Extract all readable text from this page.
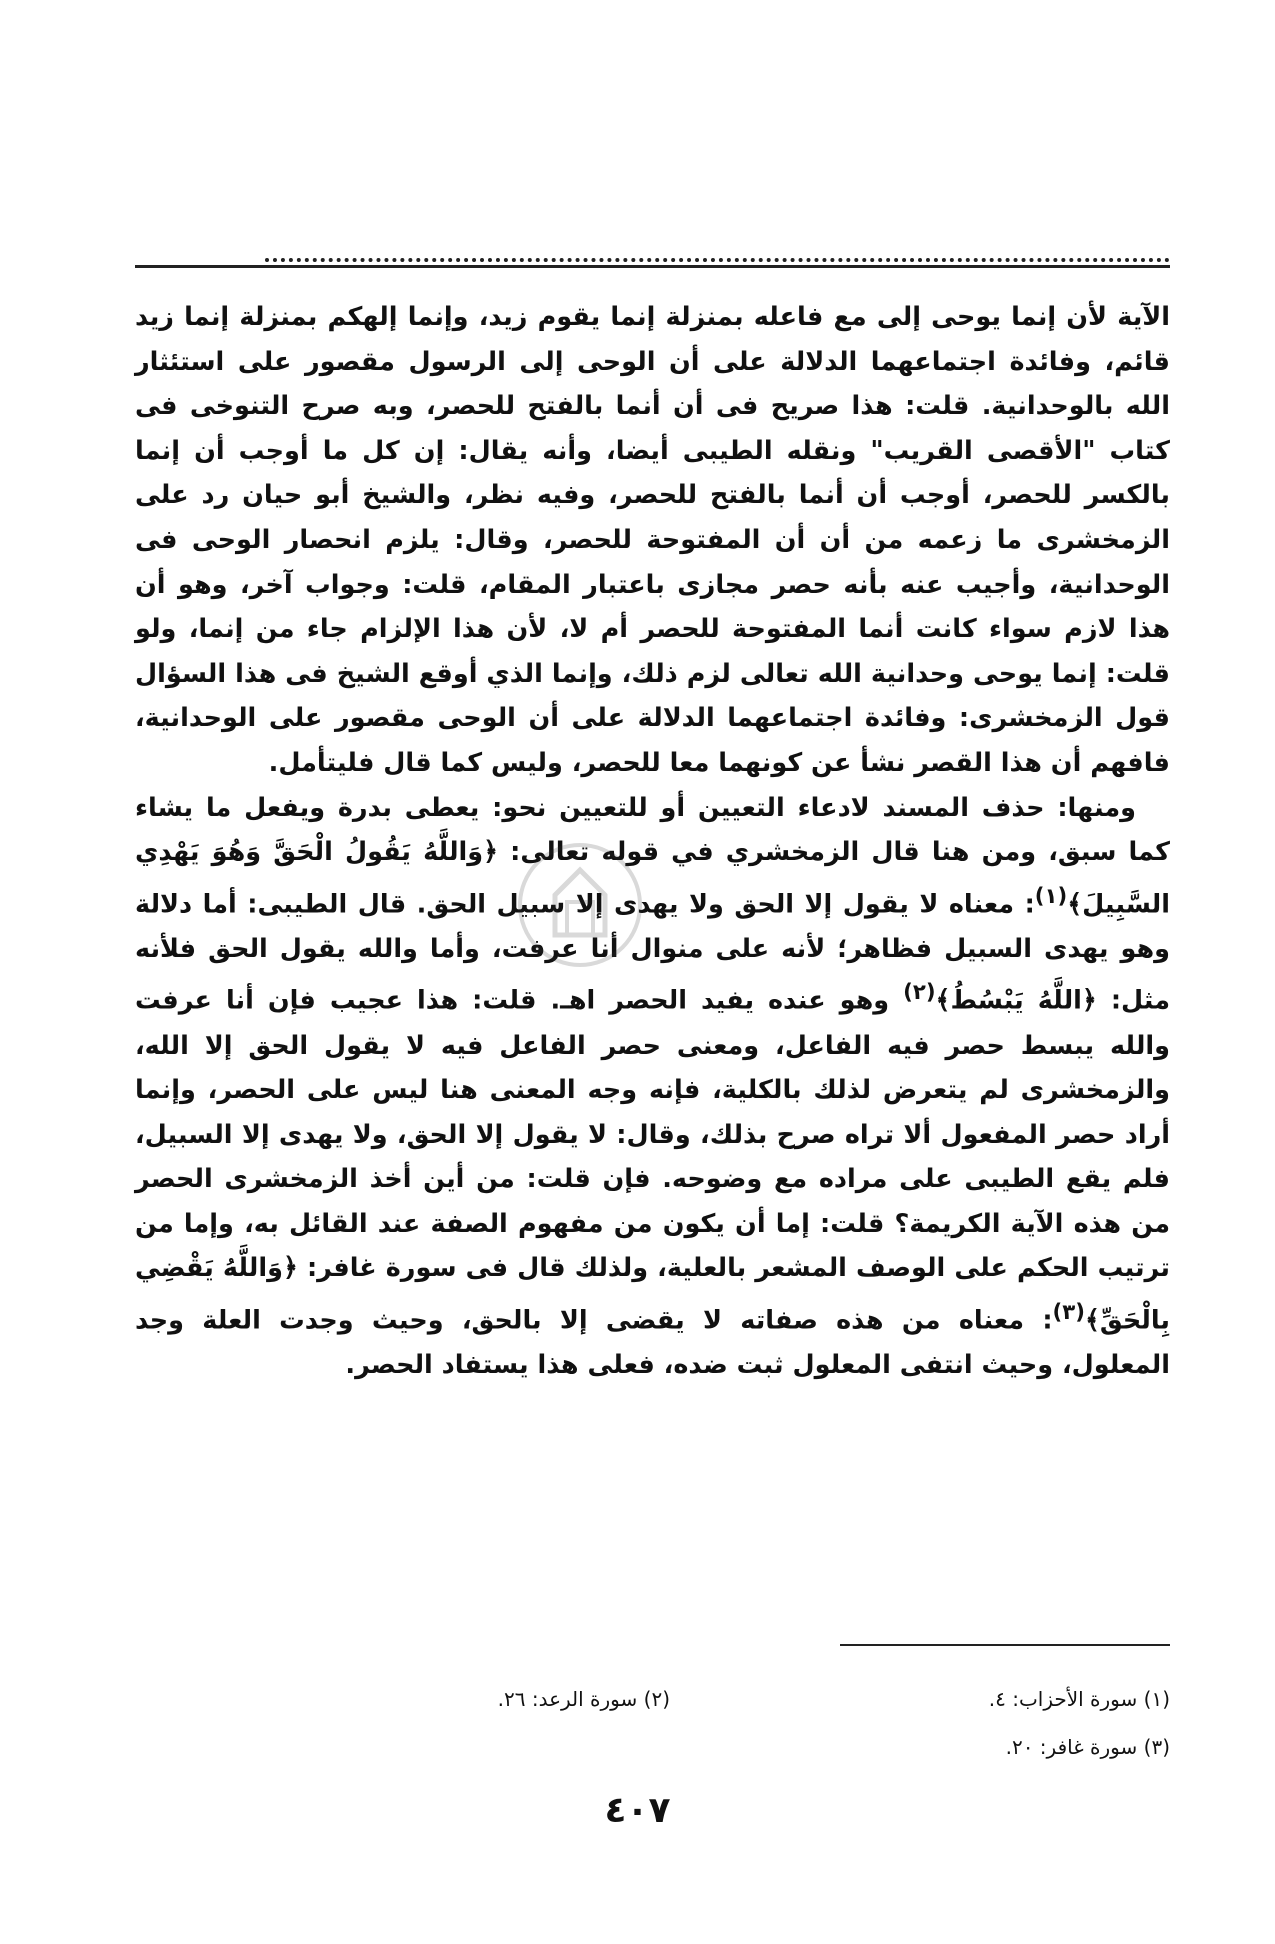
الآية لأن إنما يوحى إلى مع فاعله بمنزلة إنما يقوم زيد، وإنما إلهكم بمنزلة إنما زيد قائم، وفائدة اجتماعهما الدلالة على أن الوحى إلى الرسول مقصور على استئثار الله بالوحدانية. قلت: هذا صريح فى أن أنما بالفتح للحصر، وبه صرح التنوخى فى كتاب "الأقصى القريب" ونقله الطيبى أيضا، وأنه يقال: إن كل ما أوجب أن إنما بالكسر للحصر، أوجب أن أنما بالفتح للحصر، وفيه نظر، والشيخ أبو حيان رد على الزمخشرى ما زعمه من أن أن المفتوحة للحصر، وقال: يلزم انحصار الوحى فى الوحدانية، وأجيب عنه بأنه حصر مجازى باعتبار المقام، قلت: وجواب آخر، وهو أن هذا لازم سواء كانت أنما المفتوحة للحصر أم لا، لأن هذا الإلزام جاء من إنما، ولو قلت: إنما يوحى وحدانية الله تعالى لزم ذلك، وإنما الذي أوقع الشيخ فى هذا السؤال قول الزمخشرى: وفائدة اجتماعهما الدلالة على أن الوحى مقصور على الوحدانية، فافهم أن هذا القصر نشأ عن كونهما معا للحصر، وليس كما قال فليتأمل.

ومنها: حذف المسند لادعاء التعيين أو للتعيين نحو: يعطى بدرة ويفعل ما يشاء كما سبق، ومن هنا قال الزمخشري في قوله تعالى: ﴿وَاللَّهُ يَقُولُ الْحَقَّ وَهُوَ يَهْدِي السَّبِيلَ﴾$^{(١)}$: معناه لا يقول إلا الحق ولا يهدى إلا سبيل الحق. قال الطيبى: أما دلالة وهو يهدى السبيل فظاهر؛ لأنه على منوال أنا عرفت، وأما والله يقول الحق فلأنه مثل: ﴿اللَّهُ يَبْسُطُ﴾$^{(٢)}$ وهو عنده يفيد الحصر اهـ. قلت: هذا عجيب فإن أنا عرفت والله يبسط حصر فيه الفاعل، ومعنى حصر الفاعل فيه لا يقول الحق إلا الله، والزمخشرى لم يتعرض لذلك بالكلية، فإنه وجه المعنى هنا ليس على الحصر، وإنما أراد حصر المفعول ألا تراه صرح بذلك، وقال: لا يقول إلا الحق، ولا يهدى إلا السبيل، فلم يقع الطيبى على مراده مع وضوحه. فإن قلت: من أين أخذ الزمخشرى الحصر من هذه الآية الكريمة؟ قلت: إما أن يكون من مفهوم الصفة عند القائل به، وإما من ترتيب الحكم على الوصف المشعر بالعلية، ولذلك قال فى سورة غافر: ﴿وَاللَّهُ يَقْضِي بِالْحَقِّ﴾$^{(٣)}$: معناه من هذه صفاته لا يقضى إلا بالحق، وحيث وجدت العلة وجد المعلول، وحيث انتفى المعلول ثبت ضده، فعلى هذا يستفاد الحصر.

(١) سورة الأحزاب: ٤.
(٢) سورة الرعد: ٢٦.
(٣) سورة غافر: ٢٠.
٤٠٧
